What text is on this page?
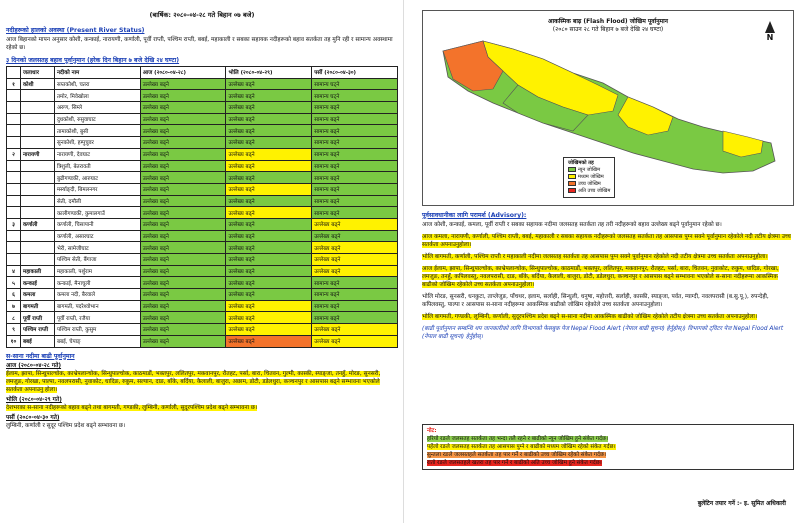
(बार्षिक: २०८०-०४-२८ गते बिहान ०७ बजे)
नदीहरूको हालको अवस्था (Present River Status)
आज बिहानको मापन अनुसार कोशी, कन्काई, नारायणी, कर्णाली, पूर्वी राप्ती, पश्चिम राप्ती, बबई, महाकाली र सबका सहायक नदीहरूको बहाव सतर्कता तह मुनि रही र सामान्य अवस्थामा रहेको छ।
३ दिनको जलसतह बहाव पूर्वानुमान (हरेक दिन बिहान ७ बजे देखि २४ घण्टा)
	जलाधार	नदीको नाम	आज (२०८०-०४-२८)	भोलि (२०८०-०४-२९)	पर्सी (२०८०-०४-३०)
१	कोशी	सप्तकोशी, चतरा	उल्लेख्य बढ्ने	उल्लेख्य बढ्ने	सामान्य घट्ने
		तमोर, मिवेखोला	उल्लेख्य बढ्ने	उल्लेख्य बढ्ने	सामान्य घट्ने
		अरुण, सिम्ले	उल्लेख्य बढ्ने	उल्लेख्य बढ्ने	सामान्य बढ्ने
		दुधकोशी, रुसुवाघाट	उल्लेख्य बढ्ने	उल्लेख्य बढ्ने	सामान्य बढ्ने
		तामाकोशी, बुसी	उल्लेख्य बढ्ने	उल्लेख्य बढ्ने	सामान्य बढ्ने
		सुनकोशी, हम्पुचुवर	उल्लेख्य बढ्ने	उल्लेख्य बढ्ने	सामान्य बढ्ने
२	नारायणी	नारायणी, देवघाट	उल्लेख्य बढ्ने	उल्लेख्य बढ्ने	सामान्य बढ्ने
		त्रिशुली, बेतरावती	उल्लेख्य बढ्ने	उल्लेख्य बढ्ने	सामान्य बढ्ने
		बुढीगण्डकी, आरुघाट	उल्लेख्य बढ्ने	उल्लेख्य बढ्ने	सामान्य बढ्ने
		मर्स्याङ्दी, बिमलनगर	उल्लेख्य बढ्ने	उल्लेख्य बढ्ने	सामान्य बढ्ने
		सेती, दमौली	उल्लेख्य बढ्ने	उल्लेख्य बढ्ने	सामान्य बढ्ने
		कालीगण्डकी, कुमालगाउँ	उल्लेख्य बढ्ने	उल्लेख्य बढ्ने	सामान्य बढ्ने
३	कर्णाली	कर्णाली, चिसापानी	उल्लेख्य बढ्ने	उल्लेख्य बढ्ने	उल्लेख्य बढ्ने
		कर्णाली, असारघाट	उल्लेख्य बढ्ने	उल्लेख्य बढ्ने	उल्लेख्य बढ्ने
		भेरी, सामेजीघाट	उल्लेख्य बढ्ने	उल्लेख्य बढ्ने	उल्लेख्य बढ्ने
		पश्चिम सेती, बैंगाजा	उल्लेख्य बढ्ने	उल्लेख्य बढ्ने	उल्लेख्य बढ्ने
४	महाकाली	महाकाली, पर्शुराम	उल्लेख्य बढ्ने	उल्लेख्य बढ्ने	उल्लेख्य बढ्ने
५	कन्काई	कन्काई, मैनाचुली	उल्लेख्य बढ्ने	उल्लेख्य बढ्ने	सामान्य बढ्ने
६	कमला	कमला नदी, बैरवाले	उल्लेख्य बढ्ने	उल्लेख्य बढ्ने	सामान्य बढ्ने
७	बागमती	बागमती, पदरेश्वोभान	उल्लेख्य बढ्ने	उल्लेख्य बढ्ने	सामान्य बढ्ने
८	पूर्वी राप्ती	पूर्वी राप्ती, रजैया	उल्लेख्य बढ्ने	उल्लेख्य बढ्ने	सामान्य बढ्ने
९	पश्चिम राप्ती	पश्चिम राप्ती, कुसुम	उल्लेख्य बढ्ने	उल्लेख्य बढ्ने	उल्लेख्य बढ्ने
१०	बबई	बबई, चेपाङ्	उल्लेख्य बढ्ने	उल्लेख्य बढ्ने	उल्लेख्य बढ्ने
स-साना नदीमा बाढी पूर्वानुमान
आज (२०८०-०४-२८ गते)
ईलाम, झापा, सिन्धुपाल्चोक, काभ्रेपलान्चोक, सिन्धुपाल्चोक, काठमाडौं, भक्तपुर, ललितपुर, मकवानपुर, रौतहट, पर्सा, बारा, चितवन, गुल्मी, कास्की, स्याङ्जा, तनहुँ, मोरङ, सुनसरी, लमजुङ, गोरखा, पाल्पा, नवलपरासी, नुवाकोट, धादिङ, रुकुम, सल्यान, दाङ, बाँके, बर्दिया, कैलाली, बाजुरा, अछाम, डोटी, डडेलधुरा, कञ्चनपुर र आसपास बढ्ने सम्भावना भएकोले सतर्कता अपनाउनु होला।
भोलि (२०८०-०४-२९ गते)
देशभरका स-साना नदीहरूको बहाव बढ्ने तथा बागमती, गण्डकी, लुम्बिनी, कर्णाली, सुदूरपश्चिम प्रदेश बढ्ने सम्भावना छ।
पर्सी (२०८०-०४-३० गते)
लुम्बिनी, कर्णाली र सुदूर पश्चिम प्रदेश बढ्ने सम्भावना छ।
आकस्मिक बाढ़ (Flash Flood) जोखिम पूर्वानुमान
(२०८० साउन २८ गते बिहान ७ बजे देखि २४ घण्टा)
N
जोखिमको तह
न्यून जोखिम
मध्यम जोखिम
उच्च जोखिम
अति उच्च जोखिम
पूर्वसावधानीका लागि परामर्श (Advisory):
आज कोशी, कन्काई, कमला, पूर्वी राप्ती र सबका सहायक नदीमा जलसतह सतर्कता तह तरी नदीहरूको बहाव उल्लेख्य बढ्ने पूर्वानुमान रहेको छ।
आज कमला, नारायणी, कर्णाली, पश्चिम राप्ती, बबई, महाकाली र सबका सहायक नदीहरूको जलसतह सतर्कता तह आसपास पुग्न सक्ने पूर्वानुमान रहेकोले नदी तटीय क्षेत्रमा उच्च सतर्कता अपनाउनुहोला।
भोलि बागमती, कर्णाली, पश्चिम राप्ती र महाकाली नदीमा जलसतह सतर्कता तह आसपास पुग्न सक्ने पूर्वानुमान रहेकोले नदी तटीय क्षेत्रमा उच्च सतर्कता अपनाउनुहोला।
आज ईलाम, झापा, सिन्धुपाल्चोक, काभ्रेपलान्चोक, सिन्धुपाल्चोक, काठमाडौं, भक्तपुर, ललितपुर, मकवानपुर, रौतहट, पर्सा, बारा, चितवन, नुवाकोट, रुकुम, धादिङ, गोरखा, लमजुङ, तनहुँ, कपिलवस्तु, नवलपरासी, दाङ, बाँके, बर्दिया, कैलाली, बाजुरा, डोटी, डडेलधुरा, कञ्चनपुर र आसपास बढ्ने सम्भावना भएकोले स-साना नदीहरूमा आकस्मिक बाढीको जोखिम रहेकोले उच्च सतर्कता अपनाउनुहोला।
भोलि मोरङ, सुनसरी, धनकुटा, ताप्लेजुङ, पाँचथर, इलाम, सर्लाही, सिन्धुली, धनुषा, महोत्तरी, सर्लाही, कास्की, स्याङ्जा, पर्वत, म्याग्दी, नवलपरासी (ब.सु.पू.), रुपन्देही, कपिलवस्तु, पाल्पा र आसपास स-साना नदीहरूमा आकस्मिक बाढीको जोखिम रहेकोले उच्च सतर्कता अपनाउनुहोला।
भोलि बागमती, गण्डकी, लुम्बिनी, कर्णाली, सुदूरपश्चिम प्रदेश बढ्ने स-साना नदीमा आकस्मिक बाढीको जोखिम रहेकोले तटीय क्षेत्रमा उच्च सतर्कता अपनाउनुहोला।
(बाढी पूर्वानुमान सम्बन्धि थप जानकारीको लागि विभागको फेसबुक पेज Nepal Flood Alert (नेपाल बाढी सूचना) हेर्नुहोस्।) विभागको ट्विटर पेज Nepal Flood Alert (नेपाल बाढी सूचना) हेर्नुहोस्।
नोट:
हरियो रङले जलसतह सतर्कता तह भन्दा तलै रहने र बाढीको न्यून जोखिम हुने संकेत गर्दछ।
पहेंलो रङले जलसतह सतर्कता तह आसपास पुग्ने र बाढीको मध्यम जोखिम रहेको संकेत गर्दछ।
सुन्तला रङले जलसतहले सतर्कता तह पार गर्ने र बाढीको उच्च जोखिम रहेको संकेत गर्दछ।
रातो रङले जलसतहले खतरा तह पार गर्ने र बाढीको अति उच्च जोखिम हुने संकेत गर्दछ।
बुलेटिन तयार गर्ने :- इ. सुमित अधिकारी
